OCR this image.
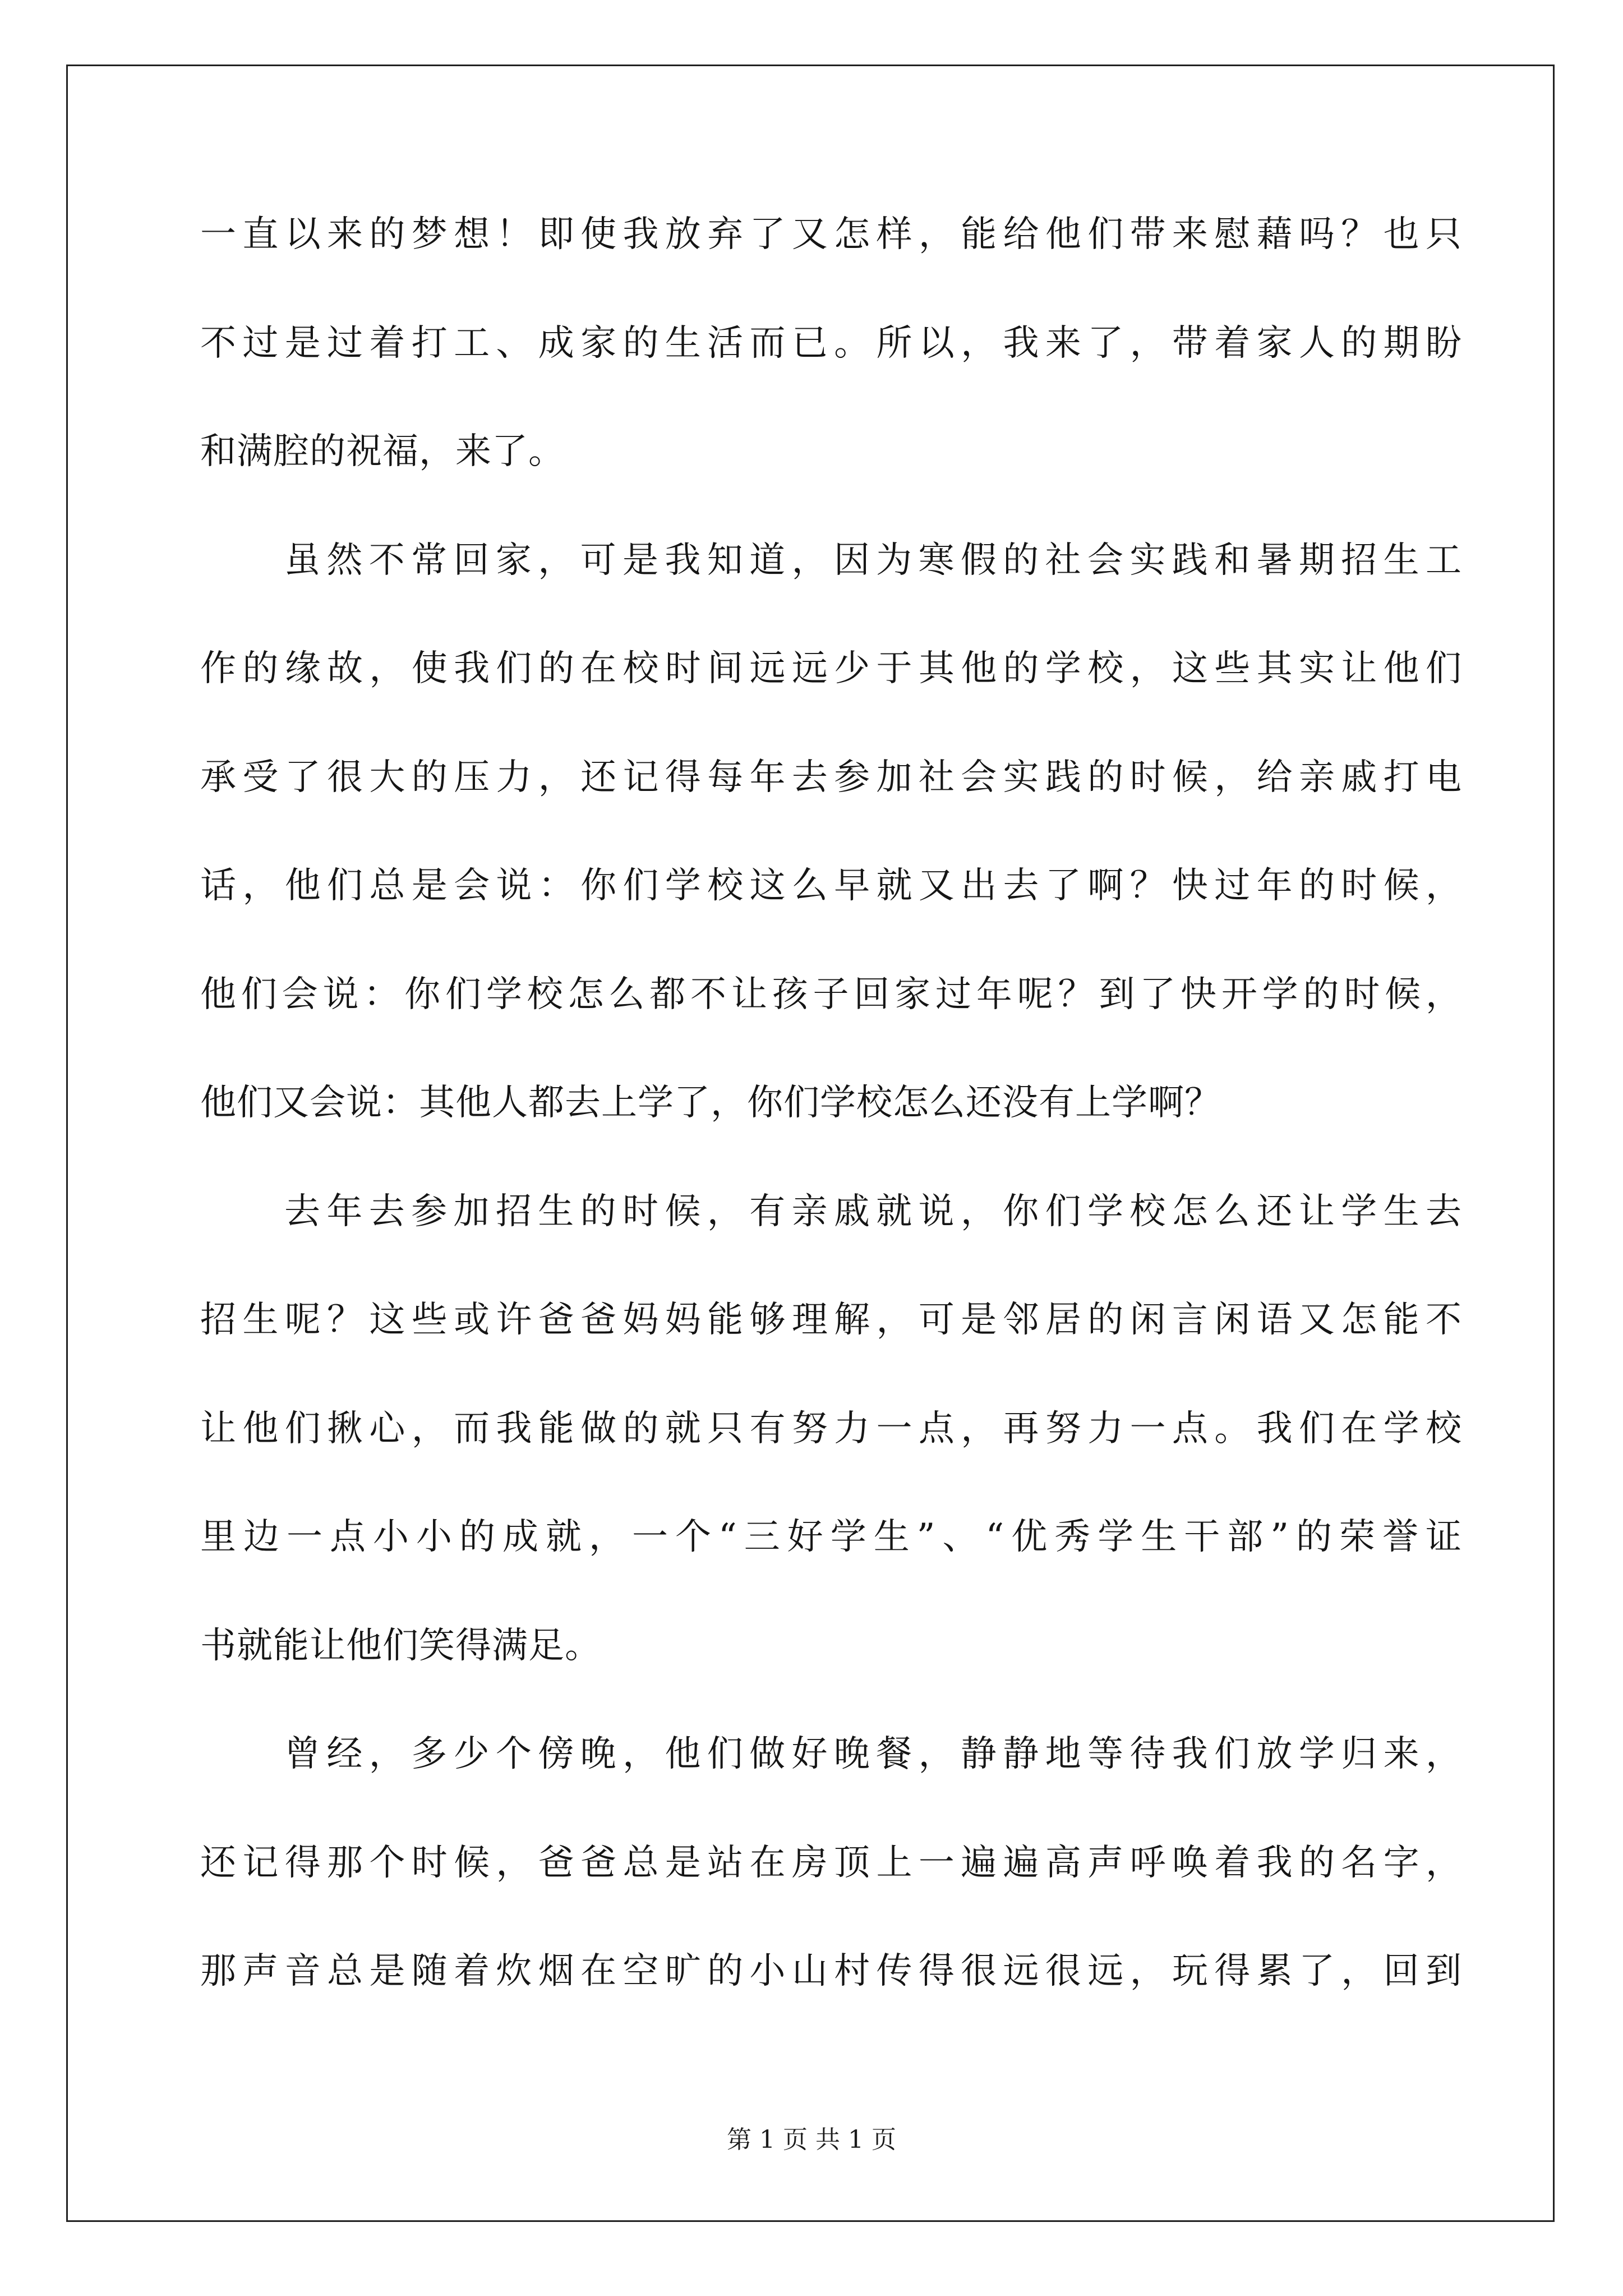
一直以来的梦想！即使我放弃了又怎样，能给他们带来慰藉吗？也只
不过是过着打工、成家的生活而已。所以，我来了，带着家人的期盼
和满腔的祝福，来了。
虽然不常回家，可是我知道，因为寒假的社会实践和暑期招生工
作的缘故，使我们的在校时间远远少于其他的学校，这些其实让他们
承受了很大的压力，还记得每年去参加社会实践的时候，给亲戚打电
话，他们总是会说：你们学校这么早就又出去了啊？快过年的时候，
他们会说：你们学校怎么都不让孩子回家过年呢？到了快开学的时候，
他们又会说：其他人都去上学了，你们学校怎么还没有上学啊？
去年去参加招生的时候，有亲戚就说，你们学校怎么还让学生去
招生呢？这些或许爸爸妈妈能够理解，可是邻居的闲言闲语又怎能不
让他们揪心，而我能做的就只有努力一点，再努力一点。我们在学校
里边一点小小的成就，一个“三好学生”、“优秀学生干部”的荣誉证
书就能让他们笑得满足。
曾经，多少个傍晚，他们做好晚餐，静静地等待我们放学归来，
还记得那个时候，爸爸总是站在房顶上一遍遍高声呼唤着我的名字，
那声音总是随着炊烟在空旷的小山村传得很远很远，玩得累了，回到
第 1 页 共 1 页
